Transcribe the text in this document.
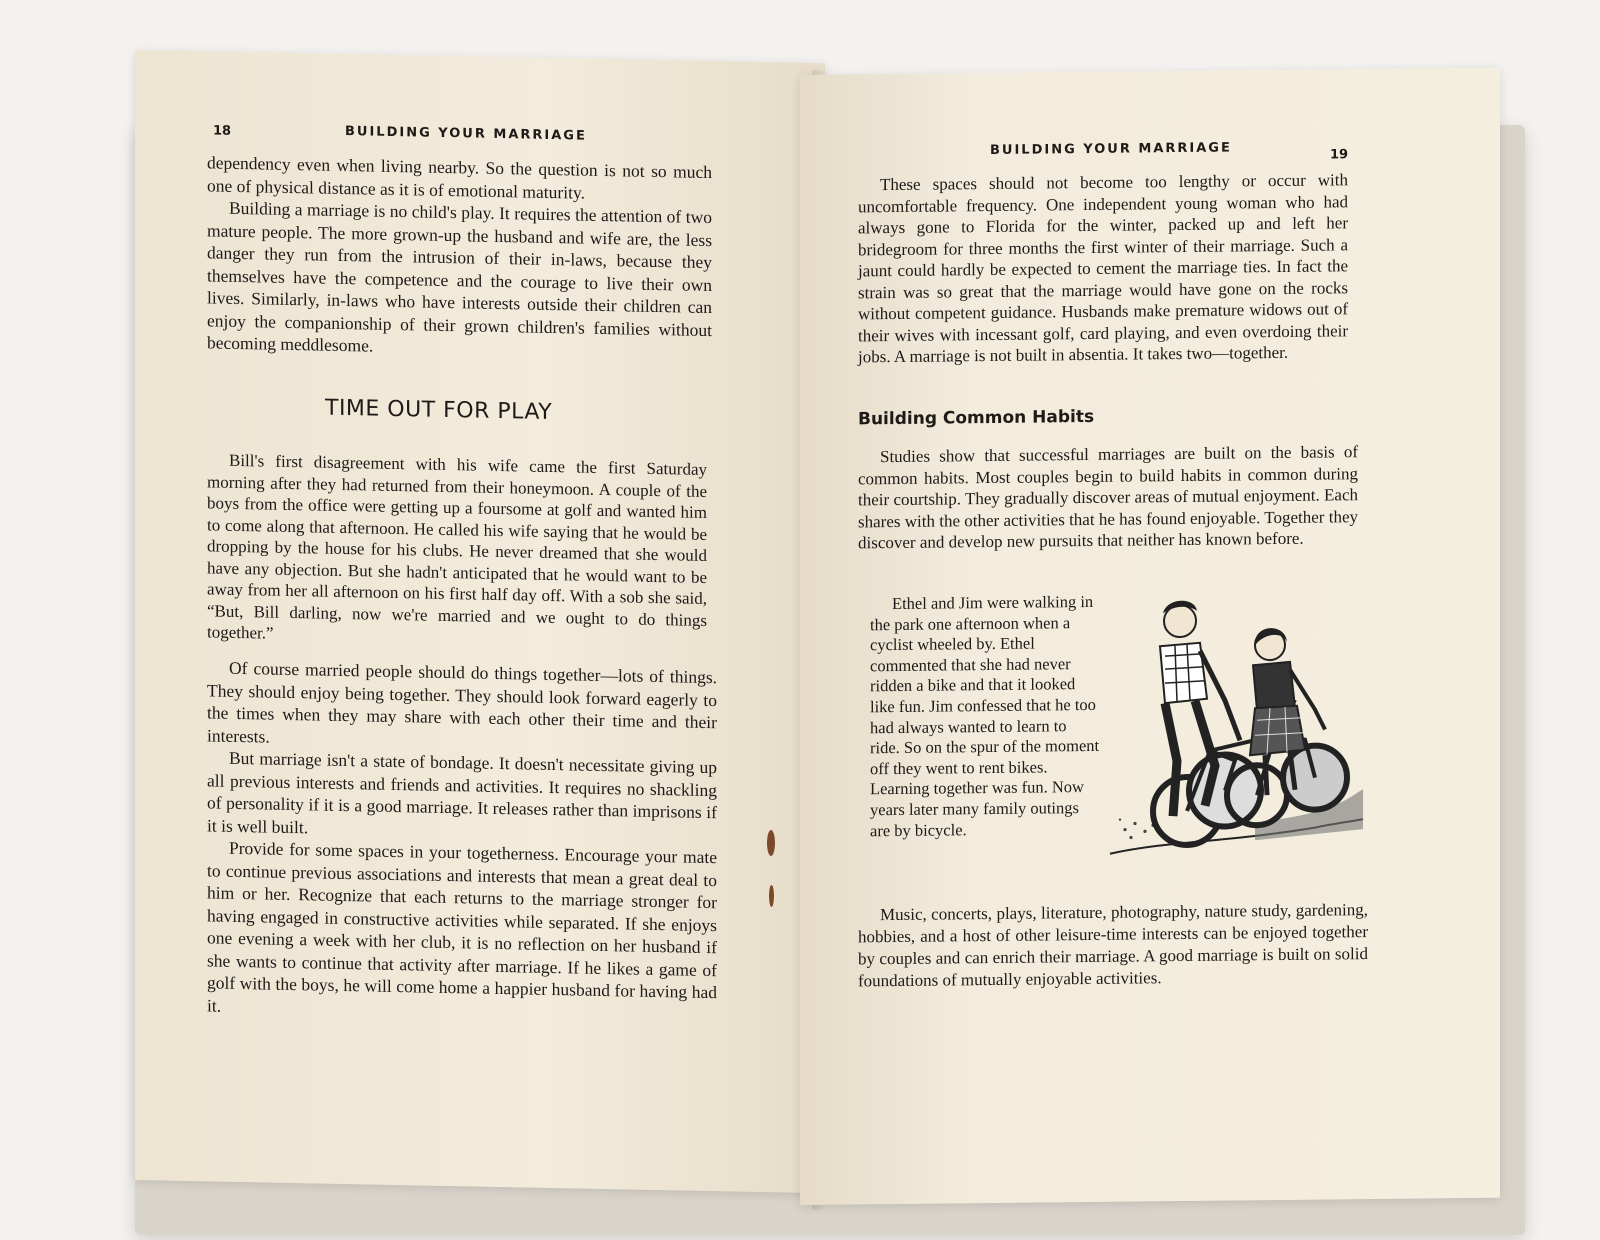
18	BUILDING YOUR MARRIAGE

dependency even when living nearby. So the question is not so much one of physical distance as it is of emotional maturity.

Building a marriage is no child's play. It requires the attention of two mature people. The more grown-up the husband and wife are, the less danger they run from the intrusion of their in-laws, because they themselves have the competence and the courage to live their own lives. Similarly, in-laws who have interests outside their children can enjoy the companionship of their grown children's families without becoming meddlesome.

TIME OUT FOR PLAY

Bill's first disagreement with his wife came the first Saturday morning after they had returned from their honeymoon. A couple of the boys from the office were getting up a foursome at golf and wanted him to come along that afternoon. He called his wife saying that he would be dropping by the house for his clubs. He never dreamed that she would have any objection. But she hadn't anticipated that he would want to be away from her all afternoon on his first half day off. With a sob she said, “But, Bill darling, now we're married and we ought to do things together.”

Of course married people should do things together—lots of things. They should enjoy being together. They should look forward eagerly to the times when they may share with each other their time and their interests.

But marriage isn't a state of bondage. It doesn't necessitate giving up all previous interests and friends and activities. It requires no shackling of personality if it is a good marriage. It releases rather than imprisons if it is well built.

Provide for some spaces in your togetherness. Encourage your mate to continue previous associations and interests that mean a great deal to him or her. Recognize that each returns to the marriage stronger for having engaged in constructive activities while separated. If she enjoys one evening a week with her club, it is no reflection on her husband if she wants to continue that activity after marriage. If he likes a game of golf with the boys, he will come home a happier husband for having had it.

BUILDING YOUR MARRIAGE	19

These spaces should not become too lengthy or occur with uncomfortable frequency. One independent young woman who had always gone to Florida for the winter, packed up and left her bridegroom for three months the first winter of their marriage. Such a jaunt could hardly be expected to cement the marriage ties. In fact the strain was so great that the marriage would have gone on the rocks without competent guidance. Husbands make premature widows out of their wives with incessant golf, card playing, and even overdoing their jobs. A marriage is not built in absentia. It takes two—together.

Building Common Habits

Studies show that successful marriages are built on the basis of common habits. Most couples begin to build habits in common during their courtship. They gradually discover areas of mutual enjoyment. Each shares with the other activities that he has found enjoyable. Together they discover and develop new pursuits that neither has known before.

Ethel and Jim were walking in the park one afternoon when a cyclist wheeled by. Ethel commented that she had never ridden a bike and that it looked like fun. Jim confessed that he too had always wanted to learn to ride. So on the spur of the moment off they went to rent bikes. Learning together was fun. Now years later many family outings are by bicycle.

Music, concerts, plays, literature, photography, nature study, gardening, hobbies, and a host of other leisure-time interests can be enjoyed together by couples and can enrich their marriage. A good marriage is built on solid foundations of mutually enjoyable activities.
